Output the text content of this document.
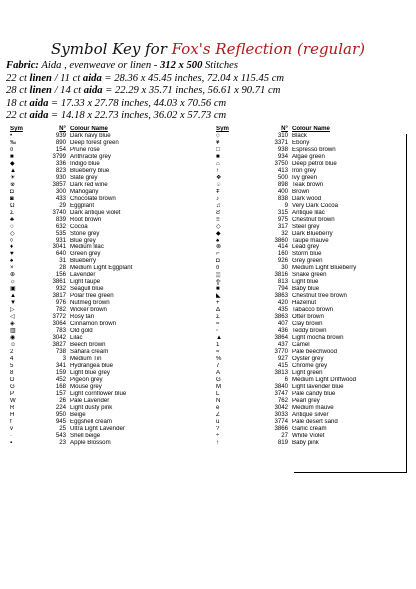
Symbol Key for Fox's Reflection (regular)
Fabric: Aida , evenweave or linen - 312 x 500 Stitches
22 ct linen / 11 ct aida = 28.36 x 45.45 inches, 72.04 x 115.45 cm
28 ct linen / 14 ct aida = 22.29 x 35.71 inches, 56.61 x 90.71 cm
18 ct aida = 17.33 x 27.78 inches, 44.03 x 70.56 cm
22 ct aida = 14.18 x 22.73 inches, 36.02 x 57.73 cm
Sym	N° Colour Name
•	939 Dark navy blue
‰	890 Deep forest green
¤	154 Prune rose
■	3799 Anthracite grey
◆	336 Indigo blue
▲	823 Blueberry blue
☀	930 Slate grey
※	3857 Dark red wine
◘	300 Mahogany
◙	433 Chocolate brown
Ω	29 Eggplant
Σ	3740 Dark antique violet
♣	839 Root brown
○	632 Cocoa
◇	535 Stone grey
◊	931 Blue grey
♦	3041 Medium lilac
♥	640 Green grey
♠	31 Blueberry
×	28 Medium Light Eggplant
⊕	156 Lavender
☼	3861 Light taupe
▣	932 Seagull blue
▲	3817 Polar tree green
▼	976 Nutmeg brown
▷	782 Wicker brown
◁	3772 Rosy tan
◈	3064 Cinnamon brown
▥	783 Old gold
◉	3042 Lilac
☺	3827 Beech brown
2	738 Sahara cream
4	3 Medium Tin
5	341 Hydrangea blue
8	159 Light blue grey
D	452 Pigeon grey
G	168 Mouse grey
P	157 Light cornflower blue
W	26 Pale Lavender
R	224 Light dusty pink
H	950 Beige
f	945 Eggshell cream
v	25 Ultra Light Lavender
·	543 Shell beige
▪	23 Apple Blossom
Sym	N° Colour Name
○	310 Black
¥	3371 Ebony
□	938 Espresso brown
■	934 Algae green
⌂	3750 Deep petrol blue
↑	413 Iron grey
❖	500 Ivy green
♤	898 Teak brown
ǂ	400 Brown
♪	838 Dark wood
♫	9 Very Dark Cocoa
Ƨ	315 Antique lilac
≡	975 Chestnut brown
◇	317 Steel grey
◆	32 Dark Blueberry
♠	3860 Taupe mauve
⊗	414 Lead grey
⌐	160 Storm blue
◘	926 Grey green
¤	30 Medium Light Blueberry
▒	3816 Snake green
╬	813 Light blue
■	794 Baby blue
◣	3863 Chestnut tree brown
+	420 Hazelnut
Δ	435 Tabacco brown
Σ	3863 Otter brown
≈	407 Clay brown
◦	436 Teddy brown
▲	3864 Light mocha brown
1	437 Camel
≈	3770 Pale beechwood
%	927 Oyster grey
7	415 Chrome grey
A	3813 Light green
G	6 Medium Light Driftwood
M	3840 Light lavender blue
L	3747 Pale candy blue
N	762 Pearl grey
e	3042 Medium mauve
Z	3033 Antique silver
u	3774 Pale desert sand
?	3866 Garlic cream
÷	27 White Violet
↑	819 Baby pink
